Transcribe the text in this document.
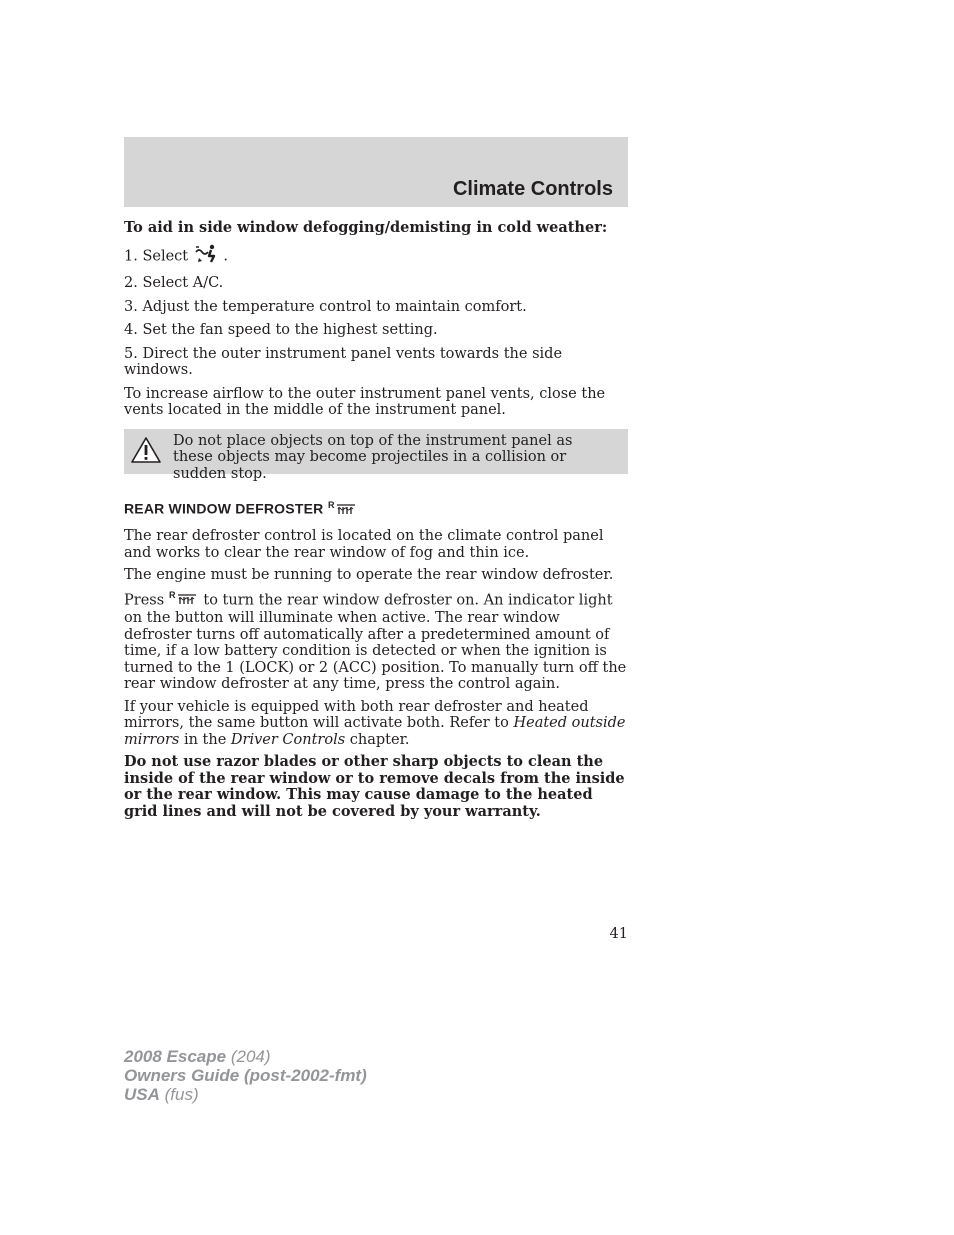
Climate Controls

To aid in side window defogging/demisting in cold weather:

1. Select .

2. Select A/C.

3. Adjust the temperature control to maintain comfort.

4. Set the fan speed to the highest setting.

5. Direct the outer instrument panel vents towards the side windows.

To increase airflow to the outer instrument panel vents, close the vents located in the middle of the instrument panel.

Do not place objects on top of the instrument panel as these objects may become projectiles in a collision or sudden stop.
REAR WINDOW DEFROSTER R

The rear defroster control is located on the climate control panel and works to clear the rear window of fog and thin ice.

The engine must be running to operate the rear window defroster.

Press R to turn the rear window defroster on. An indicator light on the button will illuminate when active. The rear window defroster turns off automatically after a predetermined amount of time, if a low battery condition is detected or when the ignition is turned to the 1 (LOCK) or 2 (ACC) position. To manually turn off the rear window defroster at any time, press the control again.

If your vehicle is equipped with both rear defroster and heated mirrors, the same button will activate both. Refer to Heated outside mirrors in the Driver Controls chapter.

Do not use razor blades or other sharp objects to clean the inside of the rear window or to remove decals from the inside or the rear window. This may cause damage to the heated grid lines and will not be covered by your warranty.

41
2008 Escape (204)
Owners Guide (post-2002-fmt)
USA (fus)
